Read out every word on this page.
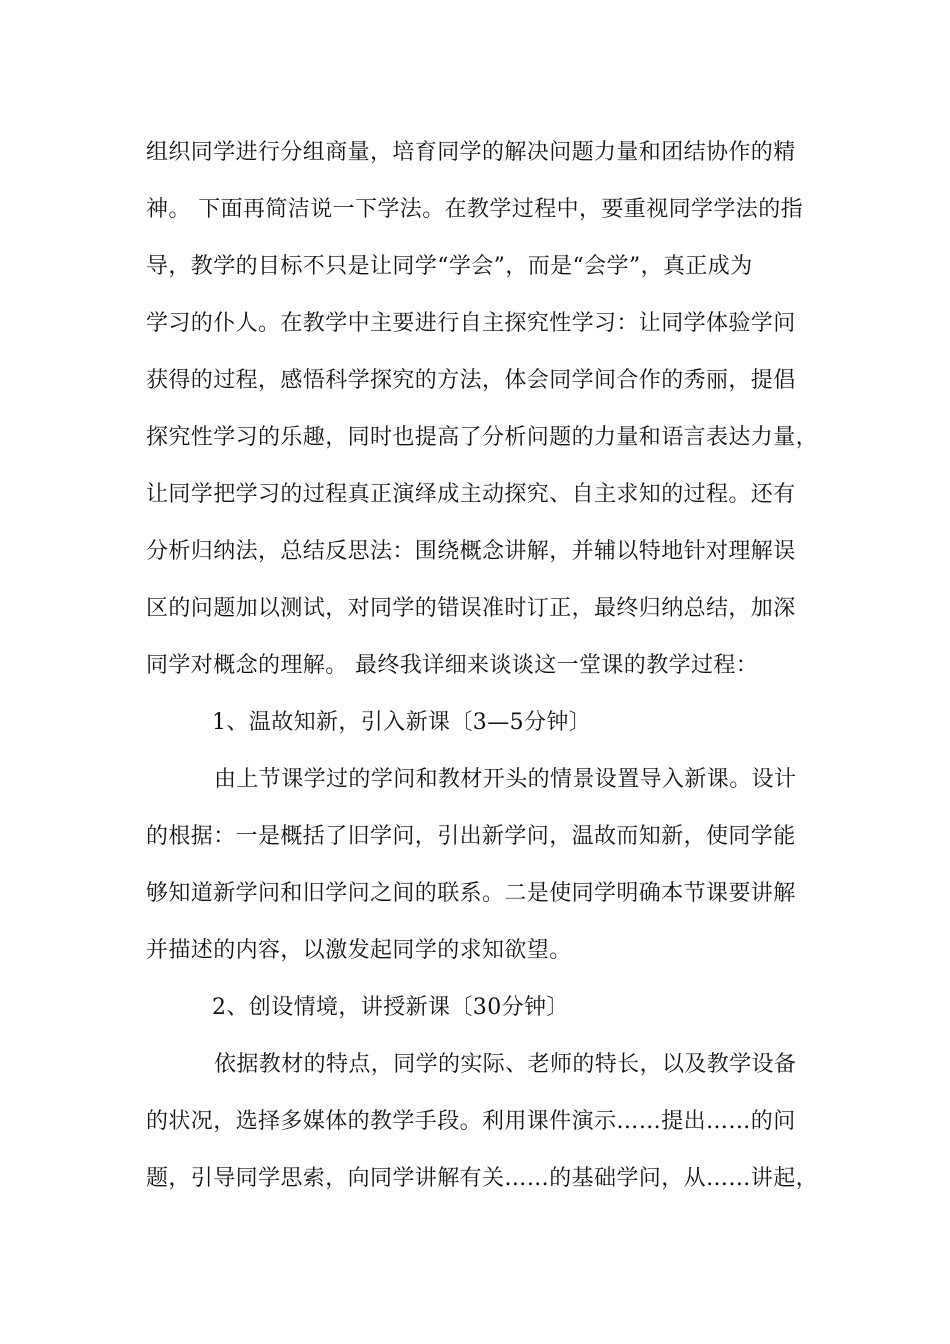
组织同学进行分组商量，培育同学的解决问题力量和团结协作的精
神。 下面再简洁说一下学法。在教学过程中，要重视同学学法的指
导，教学的目标不只是让同学“学会”，而是“会学”，真正成为
学习的仆人。在教学中主要进行自主探究性学习：让同学体验学问
获得的过程，感悟科学探究的方法，体会同学间合作的秀丽，提倡
探究性学习的乐趣，同时也提高了分析问题的力量和语言表达力量，
让同学把学习的过程真正演绎成主动探究、自主求知的过程。还有
分析归纳法，总结反思法：围绕概念讲解，并辅以特地针对理解误
区的问题加以测试，对同学的错误准时订正，最终归纳总结，加深
同学对概念的理解。 最终我详细来谈谈这一堂课的教学过程：
1、温故知新，引入新课〔3—5分钟〕
由上节课学过的学问和教材开头的情景设置导入新课。设计
的根据：一是概括了旧学问，引出新学问，温故而知新，使同学能
够知道新学问和旧学问之间的联系。二是使同学明确本节课要讲解
并描述的内容，以激发起同学的求知欲望。
2、创设情境，讲授新课〔30分钟〕
依据教材的特点，同学的实际、老师的特长，以及教学设备
的状况，选择多媒体的教学手段。利用课件演示……提出……的问
题，引导同学思索，向同学讲解有关……的基础学问，从……讲起，
